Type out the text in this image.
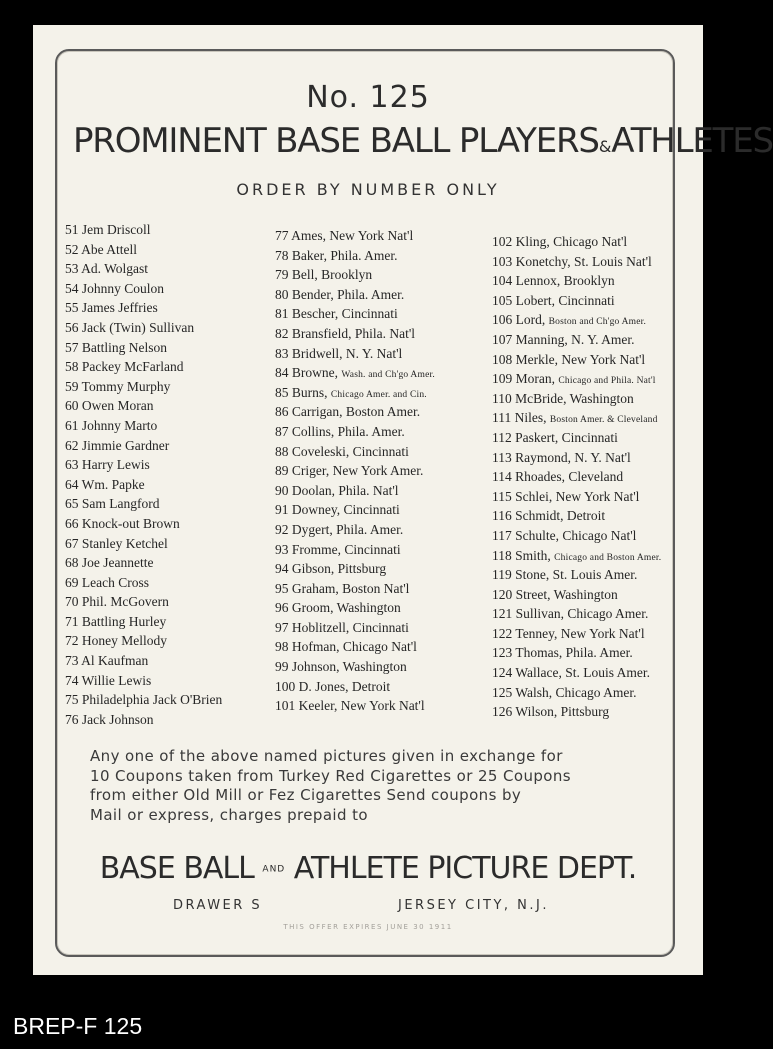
No. 125
PROMINENT BASE BALL PLAYERS&ATHLETES
ORDER BY NUMBER ONLY
51 Jem Driscoll
52 Abe Attell
53 Ad. Wolgast
54 Johnny Coulon
55 James Jeffries
56 Jack (Twin) Sullivan
57 Battling Nelson
58 Packey McFarland
59 Tommy Murphy
60 Owen Moran
61 Johnny Marto
62 Jimmie Gardner
63 Harry Lewis
64 Wm. Papke
65 Sam Langford
66 Knock-out Brown
67 Stanley Ketchel
68 Joe Jeannette
69 Leach Cross
70 Phil. McGovern
71 Battling Hurley
72 Honey Mellody
73 Al Kaufman
74 Willie Lewis
75 Philadelphia Jack O'Brien
76 Jack Johnson
77 Ames, New York Nat'l
78 Baker, Phila. Amer.
79 Bell, Brooklyn
80 Bender, Phila. Amer.
81 Bescher, Cincinnati
82 Bransfield, Phila. Nat'l
83 Bridwell, N. Y. Nat'l
84 Browne, Wash. and Ch'go Amer.
85 Burns, Chicago Amer. and Cin.
86 Carrigan, Boston Amer.
87 Collins, Phila. Amer.
88 Coveleski, Cincinnati
89 Criger, New York Amer.
90 Doolan, Phila. Nat'l
91 Downey, Cincinnati
92 Dygert, Phila. Amer.
93 Fromme, Cincinnati
94 Gibson, Pittsburg
95 Graham, Boston Nat'l
96 Groom, Washington
97 Hoblitzell, Cincinnati
98 Hofman, Chicago Nat'l
99 Johnson, Washington
100 D. Jones, Detroit
101 Keeler, New York Nat'l
102 Kling, Chicago Nat'l
103 Konetchy, St. Louis Nat'l
104 Lennox, Brooklyn
105 Lobert, Cincinnati
106 Lord, Boston and Ch'go Amer.
107 Manning, N. Y. Amer.
108 Merkle, New York Nat'l
109 Moran, Chicago and Phila. Nat'l
110 McBride, Washington
111 Niles, Boston Amer. & Cleveland
112 Paskert, Cincinnati
113 Raymond, N. Y. Nat'l
114 Rhoades, Cleveland
115 Schlei, New York Nat'l
116 Schmidt, Detroit
117 Schulte, Chicago Nat'l
118 Smith, Chicago and Boston Amer.
119 Stone, St. Louis Amer.
120 Street, Washington
121 Sullivan, Chicago Amer.
122 Tenney, New York Nat'l
123 Thomas, Phila. Amer.
124 Wallace, St. Louis Amer.
125 Walsh, Chicago Amer.
126 Wilson, Pittsburg
Any one of the above named pictures given in exchange for
10 Coupons taken from Turkey Red Cigarettes or 25 Coupons
from either Old Mill or Fez Cigarettes Send coupons by
Mail or express, charges prepaid to
BASE BALL AND ATHLETE PICTURE DEPT.
DRAWER S	JERSEY CITY, N.J.
THIS OFFER EXPIRES JUNE 30 1911
BREP-F 125
